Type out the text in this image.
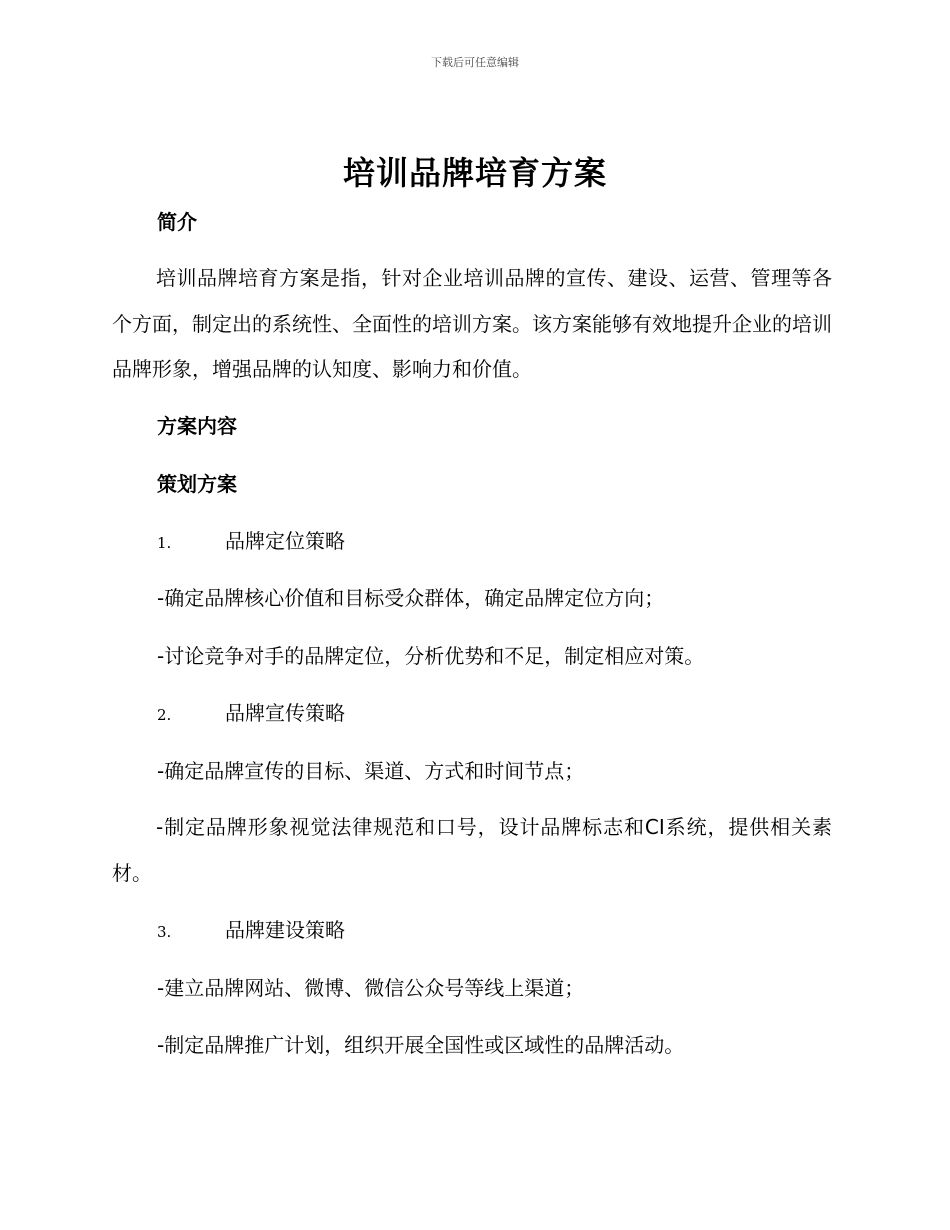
下载后可任意编辑
培训品牌培育方案
简介
培训品牌培育方案是指，针对企业培训品牌的宣传、建设、运营、管理等各个方面，制定出的系统性、全面性的培训方案。该方案能够有效地提升企业的培训品牌形象，增强品牌的认知度、影响力和价值。
方案内容
策划方案
1.	品牌定位策略
-确定品牌核心价值和目标受众群体，确定品牌定位方向；
-讨论竞争对手的品牌定位，分析优势和不足，制定相应对策。
2.	品牌宣传策略
-确定品牌宣传的目标、渠道、方式和时间节点；
-制定品牌形象视觉法律规范和口号，设计品牌标志和CI系统，提供相关素材。
3.	品牌建设策略
-建立品牌网站、微博、微信公众号等线上渠道；
-制定品牌推广计划，组织开展全国性或区域性的品牌活动。
